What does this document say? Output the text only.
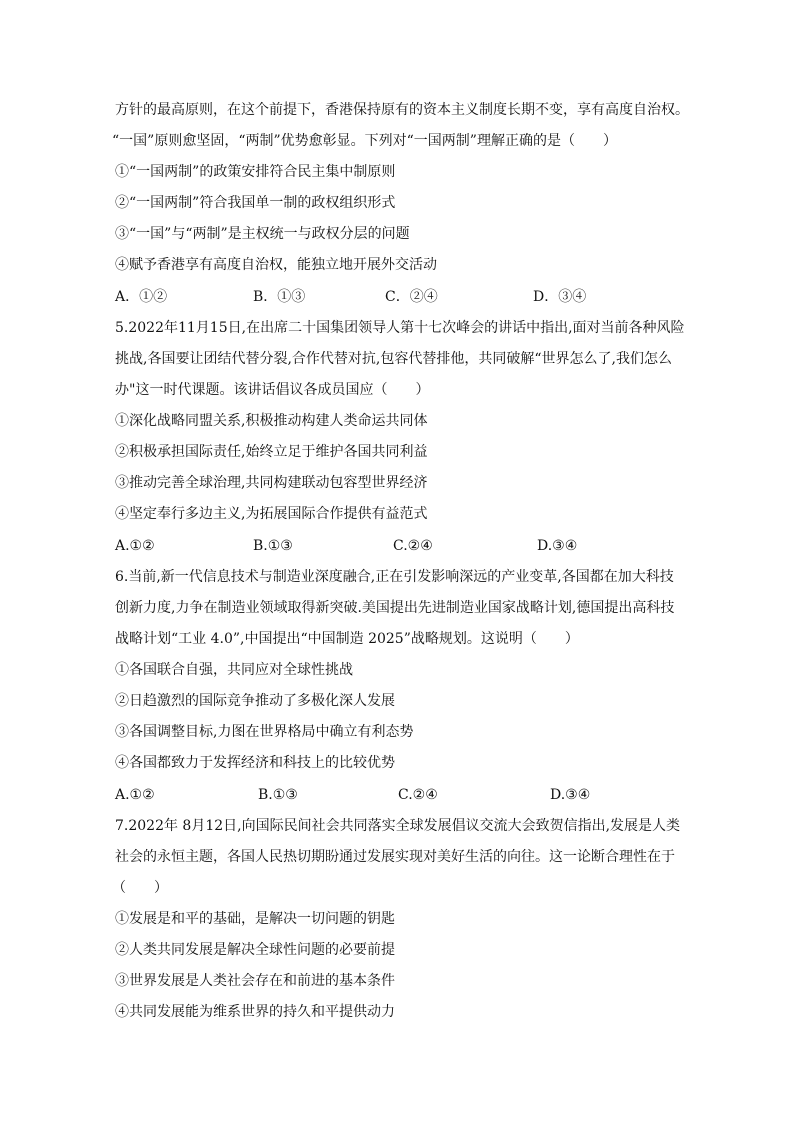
方针的最高原则，在这个前提下，香港保持原有的资本主义制度长期不变，享有高度自治权。
“一国”原则愈坚固，“两制”优势愈彰显。下列对“一国两制”理解正确的是（　　）
①“一国两制”的政策安排符合民主集中制原则
②“一国两制”符合我国单一制的政权组织形式
③“一国”与“两制”是主权统一与政权分层的问题
④赋予香港享有高度自治权，能独立地开展外交活动
A．①②	B．①③	C．②④	D．③④
5.2022年11月15日,在出席二十国集团领导人第十七次峰会的讲话中指出,面对当前各种风险
挑战,各国要让团结代替分裂,合作代替对抗,包容代替排他，共同破解“世界怎么了,我们怎么
办"这一时代课题。该讲话倡议各成员国应（　　）
①深化战略同盟关系,积极推动构建人类命运共同体
②积极承担国际责任,始终立足于维护各国共同利益
③推动完善全球治理,共同构建联动包容型世界经济
④坚定奉行多边主义,为拓展国际合作提供有益范式
A.①②	B.①③	C.②④	D.③④
6.当前,新一代信息技术与制造业深度融合,正在引发影响深远的产业变革,各国都在加大科技
创新力度,力争在制造业领域取得新突破.美国提出先进制造业国家战略计划,德国提出高科技
战略计划“工业 4.0”,中国提出“中国制造 2025”战略规划。这说明（　　）
①各国联合自强，共同应对全球性挑战
②日趋激烈的国际竞争推动了多极化深人发展
③各国调整目标,力图在世界格局中确立有利态势
④各国都致力于发挥经济和科技上的比较优势
A.①②	B.①③	C.②④	D.③④
7.2022年 8月12日,向国际民间社会共同落实全球发展倡议交流大会致贺信指出,发展是人类
社会的永恒主题，各国人民热切期盼通过发展实现对美好生活的向往。这一论断合理性在于
（　　）
①发展是和平的基础，是解决一切问题的钥匙
②人类共同发展是解决全球性问题的必要前提
③世界发展是人类社会存在和前进的基本条件
④共同发展能为维系世界的持久和平提供动力
